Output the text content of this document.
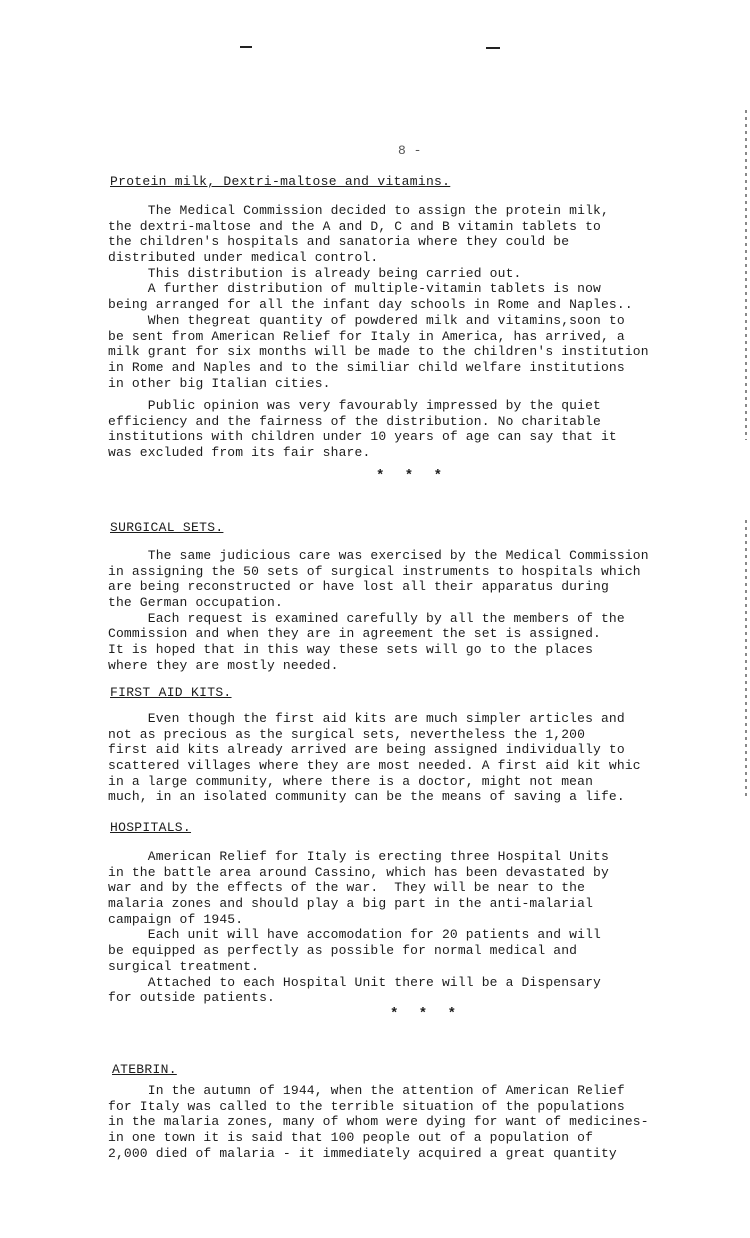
8 -
Protein milk, Dextri-maltose and vitamins.
The Medical Commission decided to assign the protein milk,
the dextri-maltose and the A and D, C and B vitamin tablets to
the children's hospitals and sanatoria where they could be
distributed under medical control.
This distribution is already being carried out.
A further distribution of multiple-vitamin tablets is now
being arranged for all the infant day schools in Rome and Naples..
When thegreat quantity of powdered milk and vitamins,soon to
be sent from American Relief for Italy in America, has arrived, a
milk grant for six months will be made to the children's institution
in Rome and Naples and to the similiar child welfare institutions
in other big Italian cities.
Public opinion was very favourably impressed by the quiet
efficiency and the fairness of the distribution. No charitable
institutions with children under 10 years of age can say that it
was excluded from its fair share.
* * *
SURGICAL SETS.
The same judicious care was exercised by the Medical Commission
in assigning the 50 sets of surgical instruments to hospitals which
are being reconstructed or have lost all their apparatus during
the German occupation.
Each request is examined carefully by all the members of the
Commission and when they are in agreement the set is assigned.
It is hoped that in this way these sets will go to the places
where they are mostly needed.
FIRST AID KITS.
Even though the first aid kits are much simpler articles and
not as precious as the surgical sets, nevertheless the 1,200
first aid kits already arrived are being assigned individually to
scattered villages where they are most needed. A first aid kit whic
in a large community, where there is a doctor, might not mean
much, in an isolated community can be the means of saving a life.
HOSPITALS.
American Relief for Italy is erecting three Hospital Units
in the battle area around Cassino, which has been devastated by
war and by the effects of the war.  They will be near to the
malaria zones and should play a big part in the anti-malarial
campaign of 1945.
Each unit will have accomodation for 20 patients and will
be equipped as perfectly as possible for normal medical and
surgical treatment.
Attached to each Hospital Unit there will be a Dispensary
for outside patients.
* * *
ATEBRIN.
In the autumn of 1944, when the attention of American Relief
for Italy was called to the terrible situation of the populations
in the malaria zones, many of whom were dying for want of medicines-
in one town it is said that 100 people out of a population of
2,000 died of malaria - it immediately acquired a great quantity
